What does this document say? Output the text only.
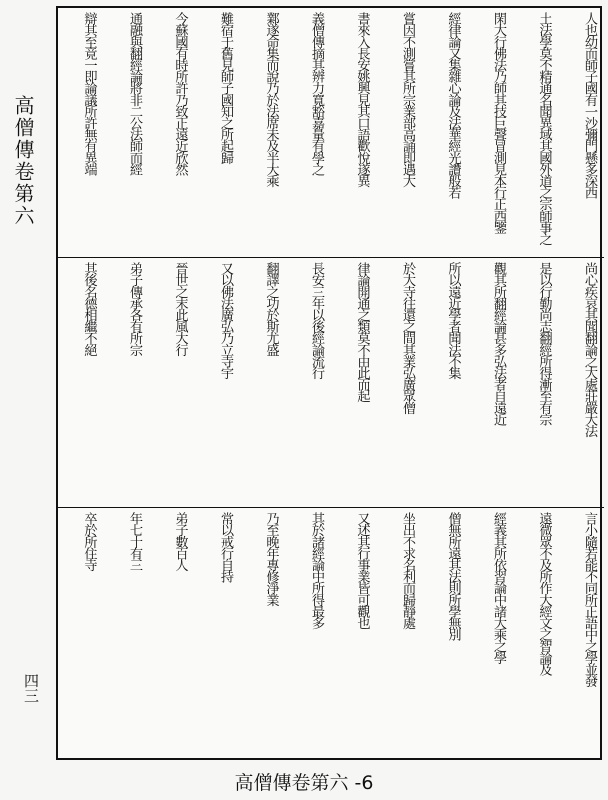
高僧傳卷第六
四三
人也幼而師子國有一沙彌門懸多深西
土法學莫不精通名聞異域其國外道之宗師事之
閑大行佛法乃師其技巨聲冒測見本行正西鑒
經律論又集雜心論及法華經光讚般若
嘗因不測嘗其所宗業部高誦即遇大
書來入長安姚興見其口語歡悅遂異
義僧傳摘其辨力寬豁嘉量有學之
鄴遂命集而說乃於法席未及半大乘
難宿于舊見師子國知之所起歸
今蘇國有時所許乃致正遠近欣然
通融與翻經論將非二公法師而經
辯其至竟一即論議所許無有異端
尚心疾哀其聞翻論之大處莊嚴大法
是以行勤尚志翻經所得漸至有宗
觀其所翻經論甚多弘法者自遠近
所以遠近學者聞法不集
於大寺往還之間其業弘廣眾僧
律論開通之類莫不由此而起
長安三年以後經論流行
翻譯之功於斯尤盛
又以佛法廣弘乃立寺宇
晉世之末此風大行
弟子傳承各有所宗
其後名德相繼不絕
言小隨若能不同所正語中之學並發
遠微眾不及所作大經文之智論及
經義其所依習論中諸大乘之學
僧無所遠其法則所學無別
坐出不求名利而歸靜處
又述其行事業皆可觀也
其於諸經論中所得最多
乃至晚年專修淨業
常以戒行自持
弟子數百人
年七十有三
卒於所住寺
高僧傳卷第六 -6
